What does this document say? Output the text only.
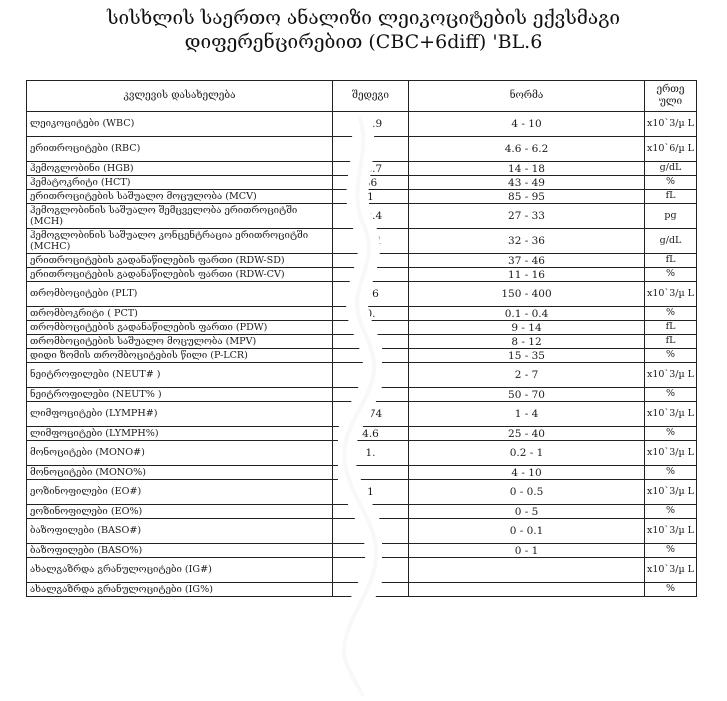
სისხლის საერთო ანალიზი ლეიკოციტების ექვსმაგი
დიფერენცირებით (CBC+6diff) 'BL.6
კვლევის დასახელება	შედეგი	ნორმა	ერთე ული
ლეიკოციტები (WBC)	15.9	4 - 10	x10`3/µ L
ერითროციტები (RBC)	4	4.6 - 6.2	x10`6/µ L
ჰემოგლობინი (HGB)	12.7	14 - 18	g/dL
ჰემატოკრიტი (HCT)	36	43 - 49	%
ერითროციტების საშუალო მოცულობა (MCV)	1	85 - 95	fL
ჰემოგლობინის საშუალო შემცველობა ერითროციტში (MCH)	29.4	27 - 33	pg
ჰემოგლობინის საშუალო კონცენტრაცია ერითროციტში (MCHC)	35.1	32 - 36	g/dL
ერითროციტების გადანაწილების ფართი (RDW-SD)	32	37 - 46	fL
ერითროციტების გადანაწილების ფართი (RDW-CV)	4	11 - 16	%
თრომბოციტები (PLT)	2 6	150 - 400	x10`3/µ L
თრომბოკრიტი ( PCT)	0.	0.1 - 0.4	%
თრომბოციტების გადანაწილების ფართი (PDW)	1	9 - 14	fL
თრომბოციტების საშუალო მოცულობა (MPV)	8	8 - 12	fL
დიდი ზომის თრომბოციტების წილი (P-LCR)	3 8	15 - 35	%
ნეიტროფილები (NEUT# )	15	2 - 7	x10`3/µ L
ნეიტროფილები (NEUT% )		50 - 70	%
ლიმფოციტები (LYMPH#)	0.74	1 - 4	x10`3/µ L
ლიმფოციტები (LYMPH%)	4.6	25 - 40	%
მონოციტები (MONO#)	1.	0.2 - 1	x10`3/µ L
მონოციტები (MONO%)		4 - 10	%
ეოზინოფილები (EO#)	1	0 - 0.5	x10`3/µ L
ეოზინოფილები (EO%)		0 - 5	%
ბაზოფილები (BASO#)	0	0 - 0.1	x10`3/µ L
ბაზოფილები (BASO%)		0 - 1	%
ახალგაზრდა გრანულოციტები (IG#)	2		x10`3/µ L
ახალგაზრდა გრანულოციტები (IG%)	1		%
